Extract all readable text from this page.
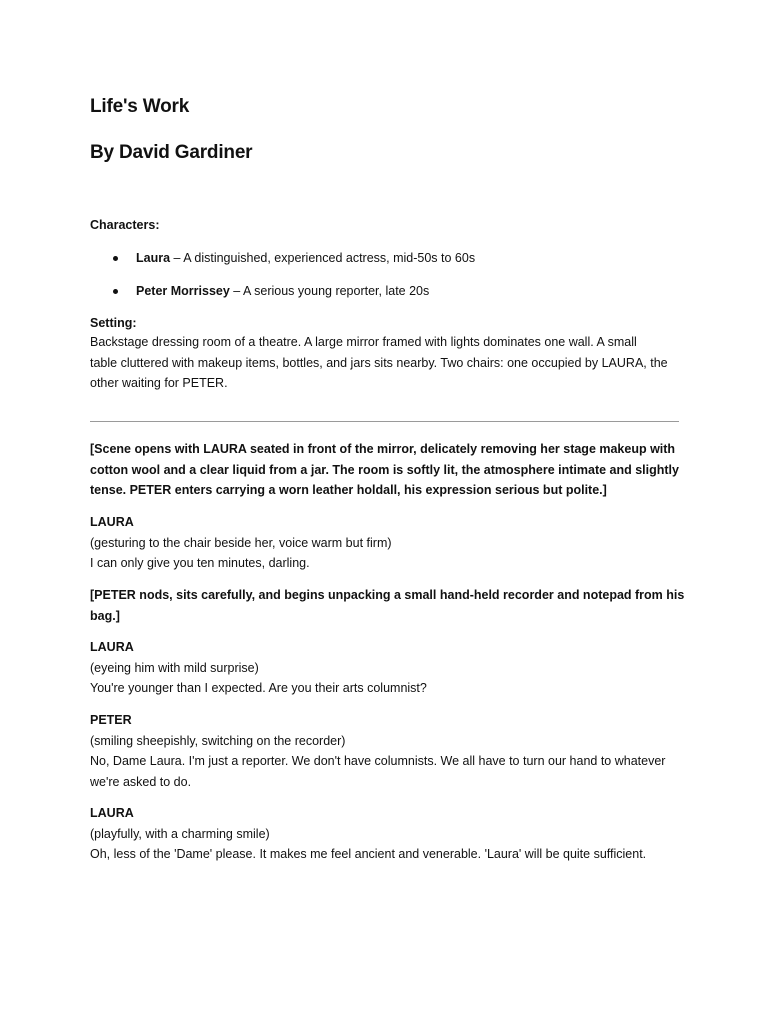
Life's Work
By David Gardiner

Characters:

Laura – A distinguished, experienced actress, mid-50s to 60s
Peter Morrissey – A serious young reporter, late 20s

Setting:

Backstage dressing room of a theatre. A large mirror framed with lights dominates one wall. A small
table cluttered with makeup items, bottles, and jars sits nearby. Two chairs: one occupied by LAURA, the
other waiting for PETER.
[Scene opens with LAURA seated in front of the mirror, delicately removing her stage makeup with
cotton wool and a clear liquid from a jar. The room is softly lit, the atmosphere intimate and slightly
tense. PETER enters carrying a worn leather holdall, his expression serious but polite.]
LAURA
(gesturing to the chair beside her, voice warm but firm)
I can only give you ten minutes, darling.
[PETER nods, sits carefully, and begins unpacking a small hand-held recorder and notepad from his
bag.]
LAURA
(eyeing him with mild surprise)
You're younger than I expected. Are you their arts columnist?
PETER
(smiling sheepishly, switching on the recorder)
No, Dame Laura. I'm just a reporter. We don't have columnists. We all have to turn our hand to whatever
we're asked to do.
LAURA
(playfully, with a charming smile)
Oh, less of the 'Dame' please. It makes me feel ancient and venerable. 'Laura' will be quite sufficient.
